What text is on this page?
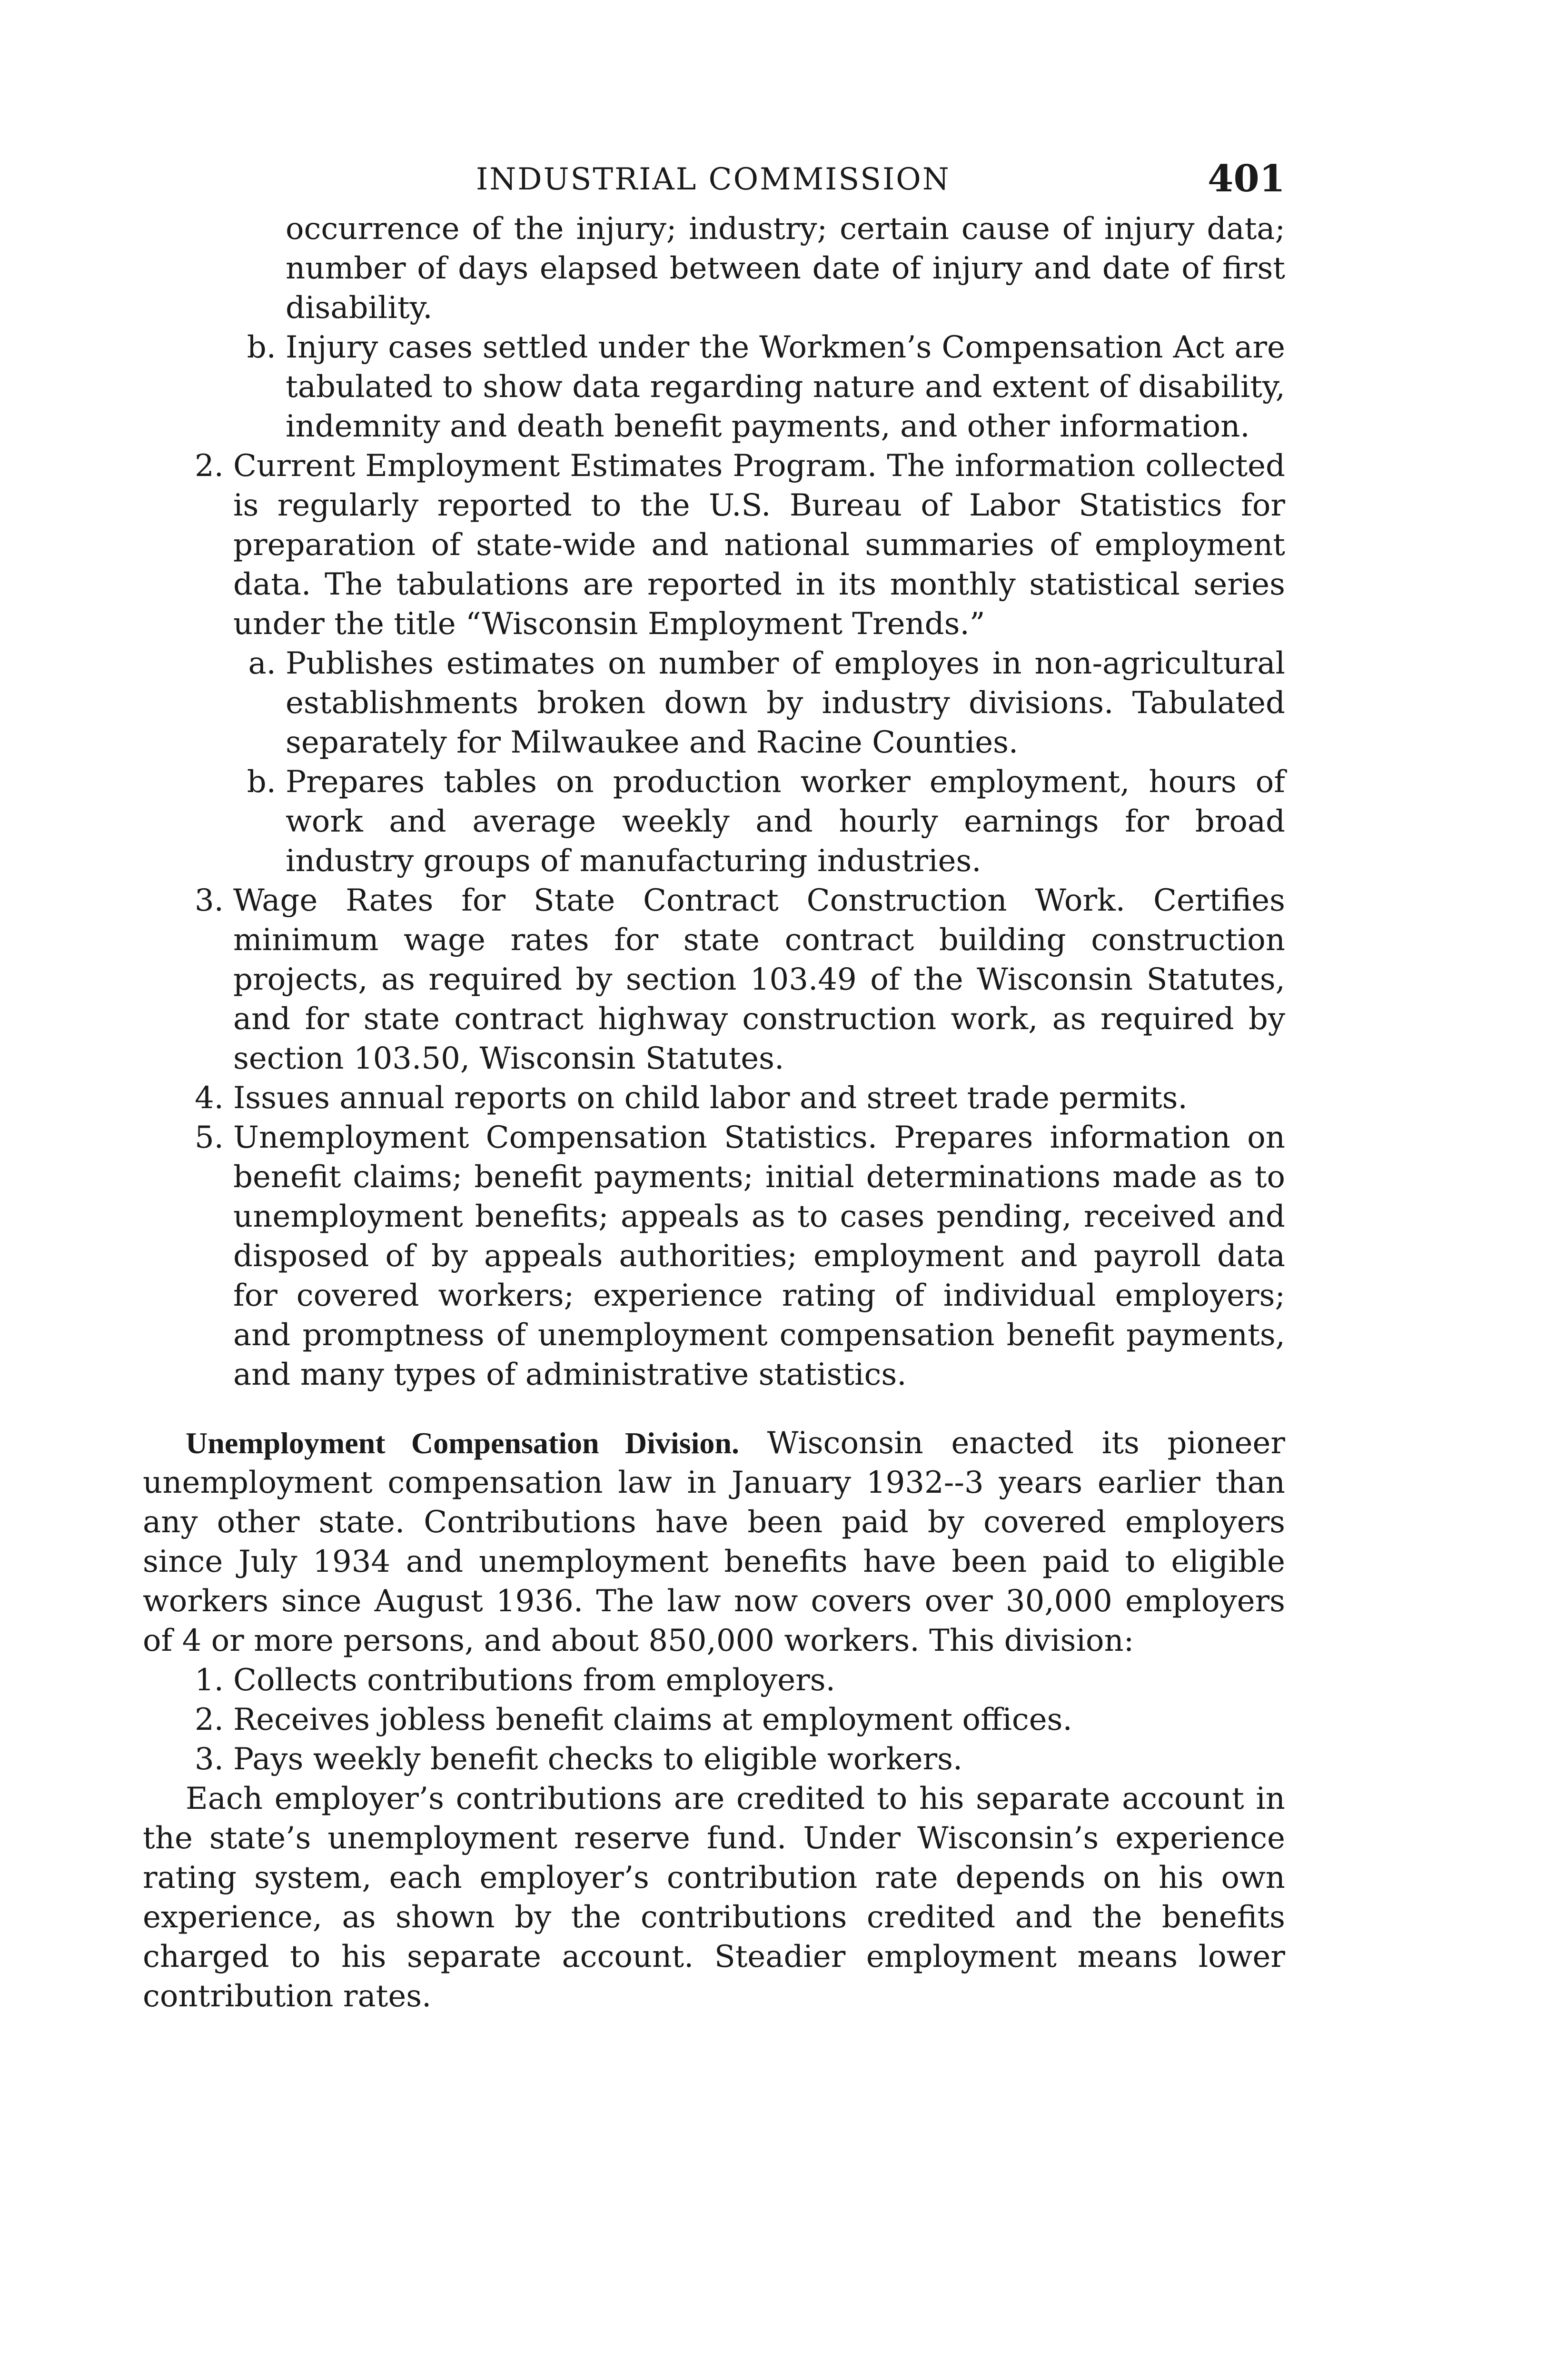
INDUSTRIAL COMMISSION	401
occurrence of the injury; industry; certain cause of injury data; number of days elapsed between date of injury and date of first disability.
b. Injury cases settled under the Workmen’s Compensation Act are tabulated to show data regarding nature and extent of disability, indemnity and death benefit payments, and other information.
2. Current Employment Estimates Program. The information collected is regularly reported to the U.S. Bureau of Labor Statistics for preparation of state-wide and national summaries of employment data. The tabulations are reported in its monthly statistical series under the title “Wisconsin Employment Trends.”
a. Publishes estimates on number of employes in non-agricultural establishments broken down by industry divisions. Tabulated separately for Milwaukee and Racine Counties.
b. Prepares tables on production worker employment, hours of work and average weekly and hourly earnings for broad industry groups of manufacturing industries.
3. Wage Rates for State Contract Construction Work. Certifies minimum wage rates for state contract building construction projects, as required by section 103.49 of the Wisconsin Statutes, and for state contract highway construction work, as required by section 103.50, Wisconsin Statutes.
4. Issues annual reports on child labor and street trade permits.
5. Unemployment Compensation Statistics. Prepares information on benefit claims; benefit payments; initial determinations made as to unemployment benefits; appeals as to cases pending, received and disposed of by appeals authorities; employment and payroll data for covered workers; experience rating of individual employers; and promptness of unemployment compensation benefit payments, and many types of administrative statistics.
Unemployment Compensation Division. Wisconsin enacted its pioneer unemployment compensation law in January 1932--3 years earlier than any other state. Contributions have been paid by covered employers since July 1934 and unemployment benefits have been paid to eligible workers since August 1936. The law now covers over 30,000 employers of 4 or more persons, and about 850,000 workers. This division:
1. Collects contributions from employers.
2. Receives jobless benefit claims at employment offices.
3. Pays weekly benefit checks to eligible workers.
Each employer’s contributions are credited to his separate account in the state’s unemployment reserve fund. Under Wisconsin’s experience rating system, each employer’s contribution rate depends on his own experience, as shown by the contributions credited and the benefits charged to his separate account. Steadier employment means lower contribution rates.
